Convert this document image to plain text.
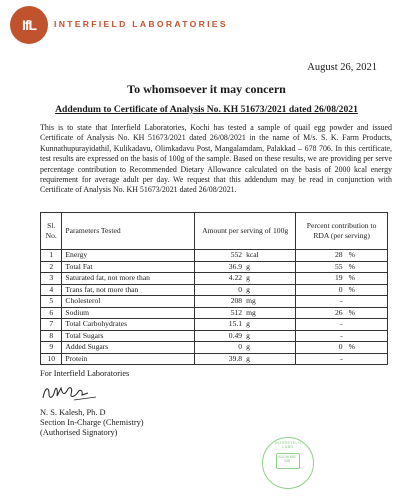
IfL INTERFIELD LABORATORIES
August 26, 2021
To whomsoever it may concern
Addendum to Certificate of Analysis No. KH 51673/2021 dated 26/08/2021
This is to state that Interfield Laboratories, Kochi has tested a sample of quail egg powder and issued Certificate of Analysis No. KH 51673/2021 dated 26/08/2021 in the name of M/s. S. K. Farm Products, Kunnathupurayidathil, Kulikadavu, Olimkadavu Post, Mangalamdam, Palakkad – 678 706. In this certificate, test results are expressed on the basis of 100g of the sample. Based on these results, we are providing per serve percentage contribution to Recommended Dietary Allowance calculated on the basis of 2000 kcal energy requirement for average adult per day. We request that this addendum may be read in conjunction with Certificate of Analysis No. KH 51673/2021 dated 26/08/2021.
Sl. No.	Parameters Tested	Amount per serving of 100g	Percent contribution to RDA (per serving)
1	Energy	552 kcal	28 %

2	Total Fat	36.9 g	55 %

3	Saturated fat, not more than	4.22 g	19 %

4	Trans fat, not more than	0 g	0 %

5	Cholesterol	208 mg	-

6	Sodium	512 mg	26 %

7	Total Carbohydrates	15.1 g	-

8	Total Sugars	0.49 g	-

9	Added Sugars	0 g	0 %

10	Protein	39.8 g	-
For Interfield Laboratories
N. S. Kalesh, Ph. D
Section In-Charge (Chemistry)
(Authorised Signatory)
INTERFIELD LABO
KOCHI 682 036
